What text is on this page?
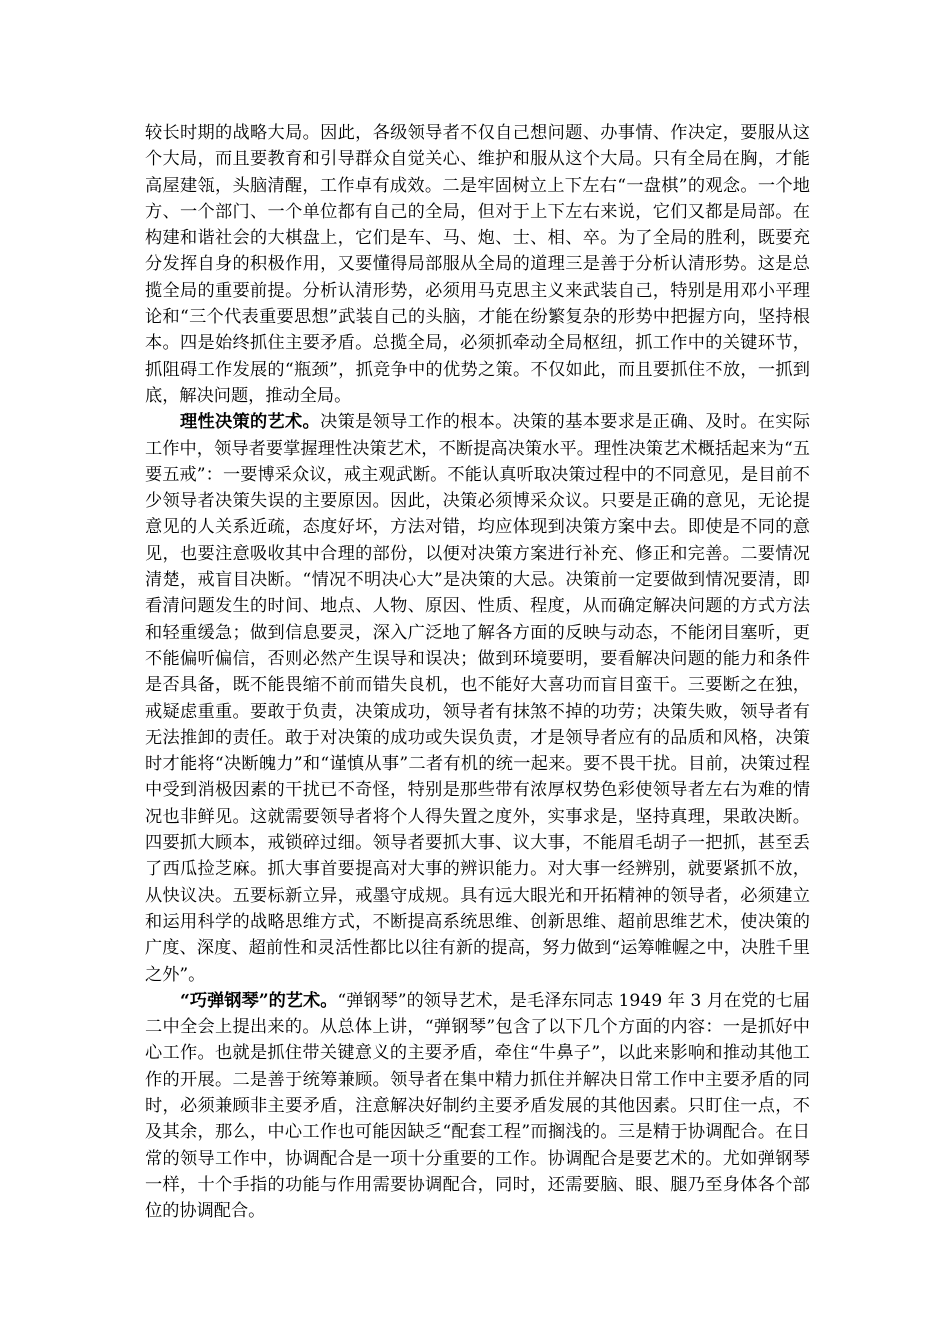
较长时期的战略大局。因此，各级领导者不仅自己想问题、办事情、作决定，要服从这个大局，而且要教育和引导群众自觉关心、维护和服从这个大局。只有全局在胸，才能高屋建瓴，头脑清醒，工作卓有成效。二是牢固树立上下左右“一盘棋”的观念。一个地方、一个部门、一个单位都有自己的全局，但对于上下左右来说，它们又都是局部。在构建和谐社会的大棋盘上，它们是车、马、炮、士、相、卒。为了全局的胜利，既要充分发挥自身的积极作用，又要懂得局部服从全局的道理三是善于分析认清形势。这是总揽全局的重要前提。分析认清形势，必须用马克思主义来武装自己，特别是用邓小平理论和“三个代表重要思想”武装自己的头脑，才能在纷繁复杂的形势中把握方向，坚持根本。四是始终抓住主要矛盾。总揽全局，必须抓牵动全局枢纽，抓工作中的关键环节，抓阻碍工作发展的“瓶颈”，抓竞争中的优势之策。不仅如此，而且要抓住不放，一抓到底，解决问题，推动全局。

理性决策的艺术。决策是领导工作的根本。决策的基本要求是正确、及时。在实际工作中，领导者要掌握理性决策艺术，不断提高决策水平。理性决策艺术概括起来为“五要五戒”：一要博采众议，戒主观武断。不能认真听取决策过程中的不同意见，是目前不少领导者决策失误的主要原因。因此，决策必须博采众议。只要是正确的意见，无论提意见的人关系近疏，态度好坏，方法对错，均应体现到决策方案中去。即使是不同的意见，也要注意吸收其中合理的部份，以便对决策方案进行补充、修正和完善。二要情况清楚，戒盲目决断。“情况不明决心大”是决策的大忌。决策前一定要做到情况要清，即看清问题发生的时间、地点、人物、原因、性质、程度，从而确定解决问题的方式方法和轻重缓急；做到信息要灵，深入广泛地了解各方面的反映与动态，不能闭目塞听，更不能偏听偏信，否则必然产生误导和误决；做到环境要明，要看解决问题的能力和条件是否具备，既不能畏缩不前而错失良机，也不能好大喜功而盲目蛮干。三要断之在独，戒疑虑重重。要敢于负责，决策成功，领导者有抹煞不掉的功劳；决策失败，领导者有无法推卸的责任。敢于对决策的成功或失误负责，才是领导者应有的品质和风格，决策时才能将“决断魄力”和“谨慎从事”二者有机的统一起来。要不畏干扰。目前，决策过程中受到消极因素的干扰已不奇怪，特别是那些带有浓厚权势色彩使领导者左右为难的情况也非鲜见。这就需要领导者将个人得失置之度外，实事求是，坚持真理，果敢决断。四要抓大顾本，戒锁碎过细。领导者要抓大事、议大事，不能眉毛胡子一把抓，甚至丢了西瓜捡芝麻。抓大事首要提高对大事的辨识能力。对大事一经辨别，就要紧抓不放，从快议决。五要标新立异，戒墨守成规。具有远大眼光和开拓精神的领导者，必须建立和运用科学的战略思维方式，不断提高系统思维、创新思维、超前思维艺术，使决策的广度、深度、超前性和灵活性都比以往有新的提高，努力做到“运筹帷幄之中，决胜千里之外”。

“巧弹钢琴”的艺术。“弹钢琴”的领导艺术，是毛泽东同志 1949 年 3 月在党的七届二中全会上提出来的。从总体上讲，“弹钢琴”包含了以下几个方面的内容：一是抓好中心工作。也就是抓住带关键意义的主要矛盾，牵住“牛鼻子”，以此来影响和推动其他工作的开展。二是善于统筹兼顾。领导者在集中精力抓住并解决日常工作中主要矛盾的同时，必须兼顾非主要矛盾，注意解决好制约主要矛盾发展的其他因素。只盯住一点，不及其余，那么，中心工作也可能因缺乏“配套工程”而搁浅的。三是精于协调配合。在日常的领导工作中，协调配合是一项十分重要的工作。协调配合是要艺术的。尤如弹钢琴一样，十个手指的功能与作用需要协调配合，同时，还需要脑、眼、腿乃至身体各个部位的协调配合。
